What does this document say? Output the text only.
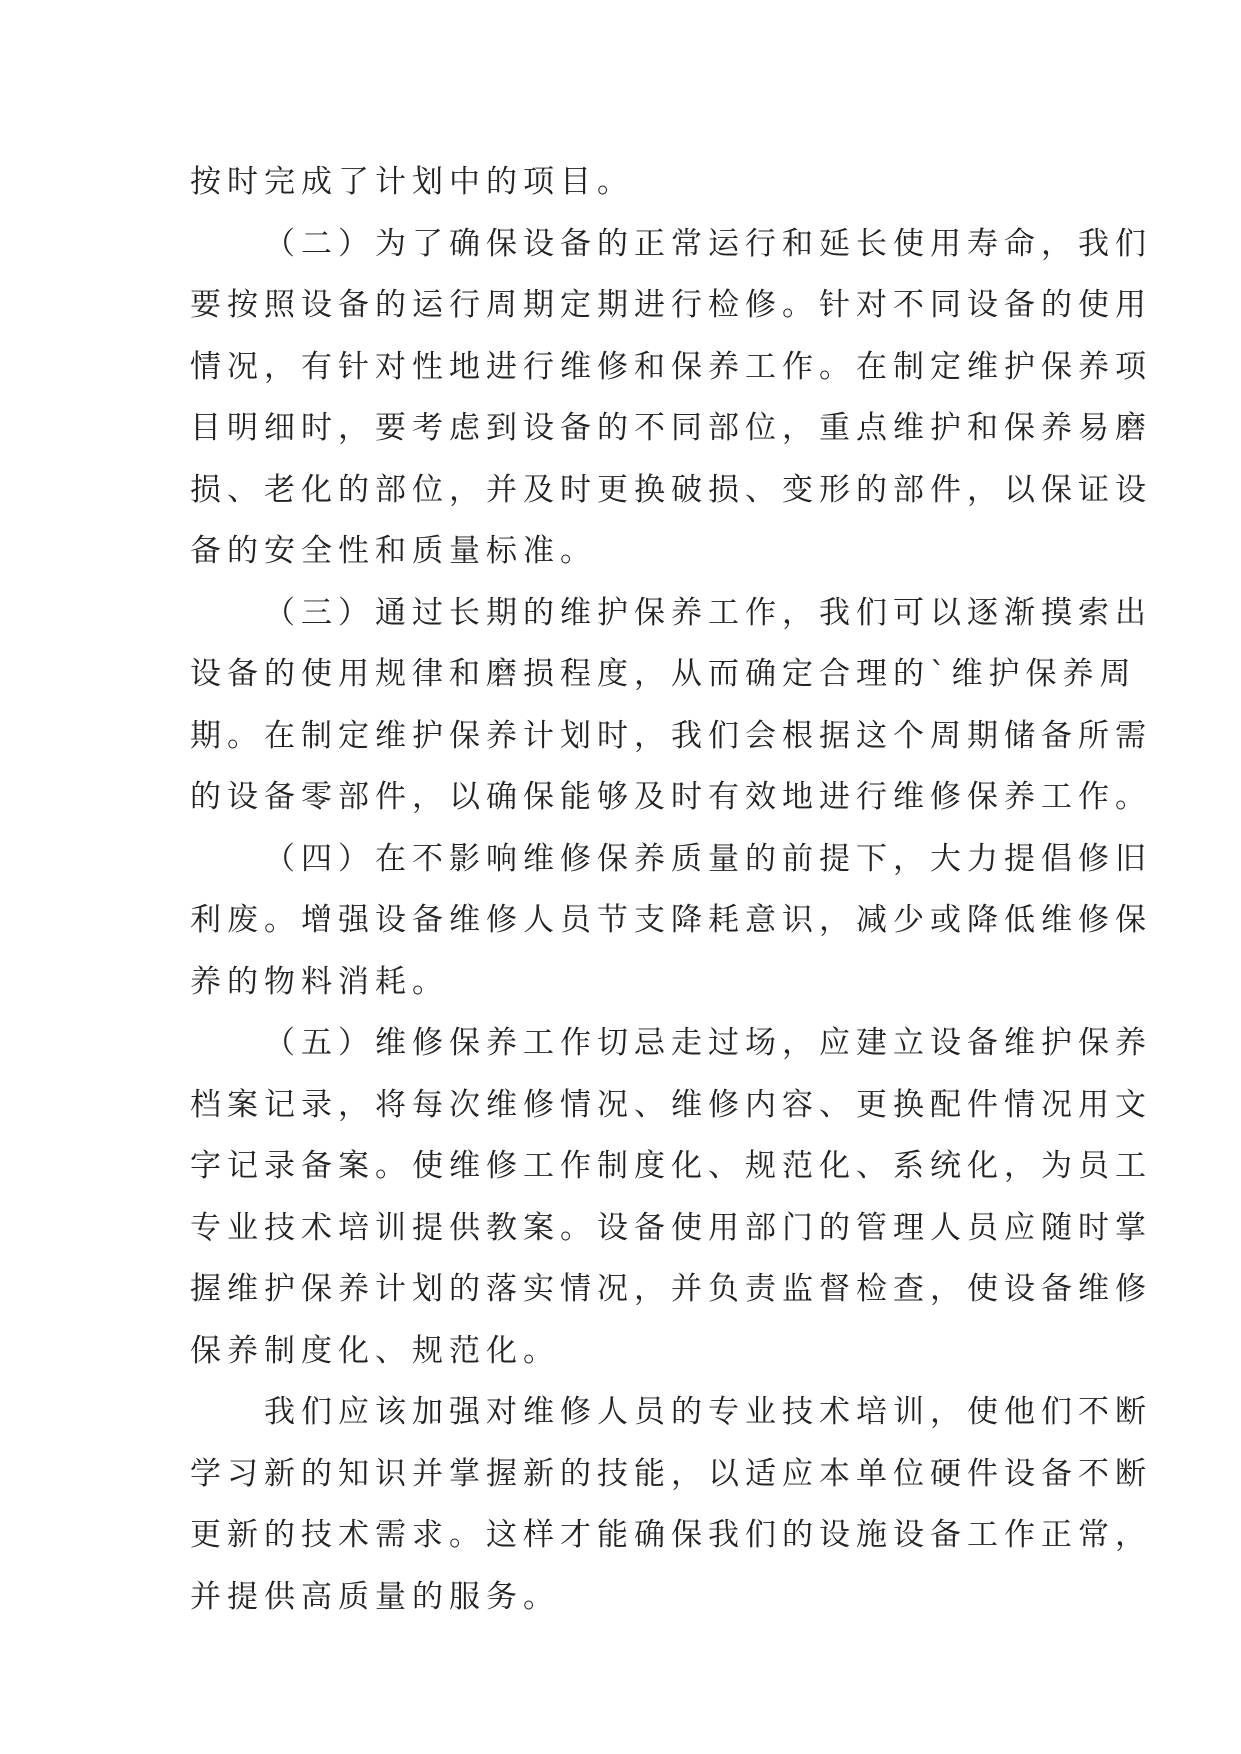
按时完成了计划中的项目。
（二）为了确保设备的正常运行和延长使用寿命，我们
要按照设备的运行周期定期进行检修。针对不同设备的使用
情况，有针对性地进行维修和保养工作。在制定维护保养项
目明细时，要考虑到设备的不同部位，重点维护和保养易磨
损、老化的部位，并及时更换破损、变形的部件，以保证设
备的安全性和质量标准。
（三）通过长期的维护保养工作，我们可以逐渐摸索出
设备的使用规律和磨损程度，从而确定合理的`维护保养周
期。在制定维护保养计划时，我们会根据这个周期储备所需
的设备零部件，以确保能够及时有效地进行维修保养工作。
（四）在不影响维修保养质量的前提下，大力提倡修旧
利废。增强设备维修人员节支降耗意识，减少或降低维修保
养的物料消耗。
（五）维修保养工作切忌走过场，应建立设备维护保养
档案记录，将每次维修情况、维修内容、更换配件情况用文
字记录备案。使维修工作制度化、规范化、系统化，为员工
专业技术培训提供教案。设备使用部门的管理人员应随时掌
握维护保养计划的落实情况，并负责监督检查，使设备维修
保养制度化、规范化。
我们应该加强对维修人员的专业技术培训，使他们不断
学习新的知识并掌握新的技能，以适应本单位硬件设备不断
更新的技术需求。这样才能确保我们的设施设备工作正常，
并提供高质量的服务。
